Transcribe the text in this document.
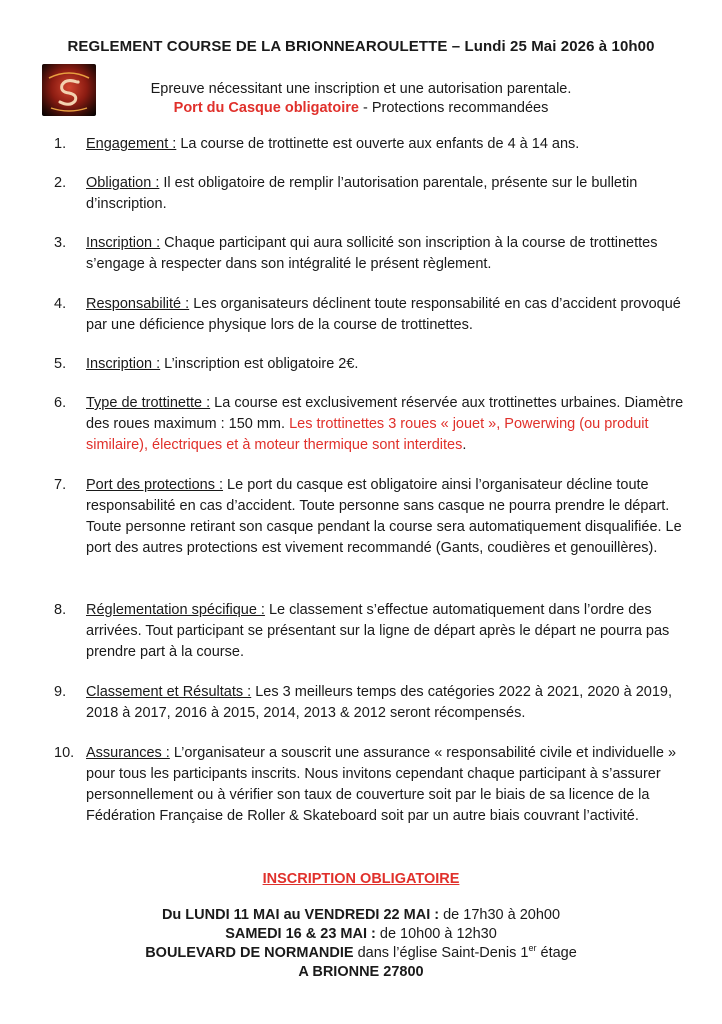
REGLEMENT COURSE DE LA BRIONNEAROULETTE – Lundi 25 Mai 2026 à 10h00
Epreuve nécessitant une inscription et une autorisation parentale.
Port du Casque obligatoire - Protections recommandées
1.	Engagement : La course de trottinette est ouverte aux enfants de 4 à 14 ans.
2.	Obligation : Il est obligatoire de remplir l’autorisation parentale, présente sur le bulletin d’inscription.
3.	Inscription : Chaque participant qui aura sollicité son inscription à la course de trottinettes s’engage à respecter dans son intégralité le présent règlement.
4.	Responsabilité : Les organisateurs déclinent toute responsabilité en cas d’accident provoqué par une déficience physique lors de la course de trottinettes.
5.	Inscription : L’inscription est obligatoire 2€.
6.	Type de trottinette : La course est exclusivement réservée aux trottinettes urbaines. Diamètre des roues maximum : 150 mm. Les trottinettes 3 roues « jouet », Powerwing (ou produit similaire), électriques et à moteur thermique sont interdites.
7.	Port des protections : Le port du casque est obligatoire ainsi l’organisateur décline toute responsabilité en cas d’accident. Toute personne sans casque ne pourra prendre le départ. Toute personne retirant son casque pendant la course sera automatiquement disqualifiée. Le port des autres protections est vivement recommandé (Gants, coudières et genouillères).
8.	Réglementation spécifique : Le classement s’effectue automatiquement dans l’ordre des arrivées. Tout participant se présentant sur la ligne de départ après le départ ne pourra pas prendre part à la course.
9.	Classement et Résultats : Les 3 meilleurs temps des catégories 2022 à 2021, 2020 à 2019, 2018 à 2017, 2016 à 2015, 2014, 2013 & 2012 seront récompensés.
10. Assurances : L’organisateur a souscrit une assurance « responsabilité civile et individuelle » pour tous les participants inscrits. Nous invitons cependant chaque participant à s’assurer personnellement ou à vérifier son taux de couverture soit par le biais de sa licence de la Fédération Française de Roller & Skateboard soit par un autre biais couvrant l’activité.
INSCRIPTION OBLIGATOIRE
Du LUNDI 11 MAI au VENDREDI 22 MAI : de 17h30 à 20h00
SAMEDI 16 & 23 MAI : de 10h00 à 12h30
BOULEVARD DE NORMANDIE dans l’église Saint-Denis 1er étage
A BRIONNE 27800
